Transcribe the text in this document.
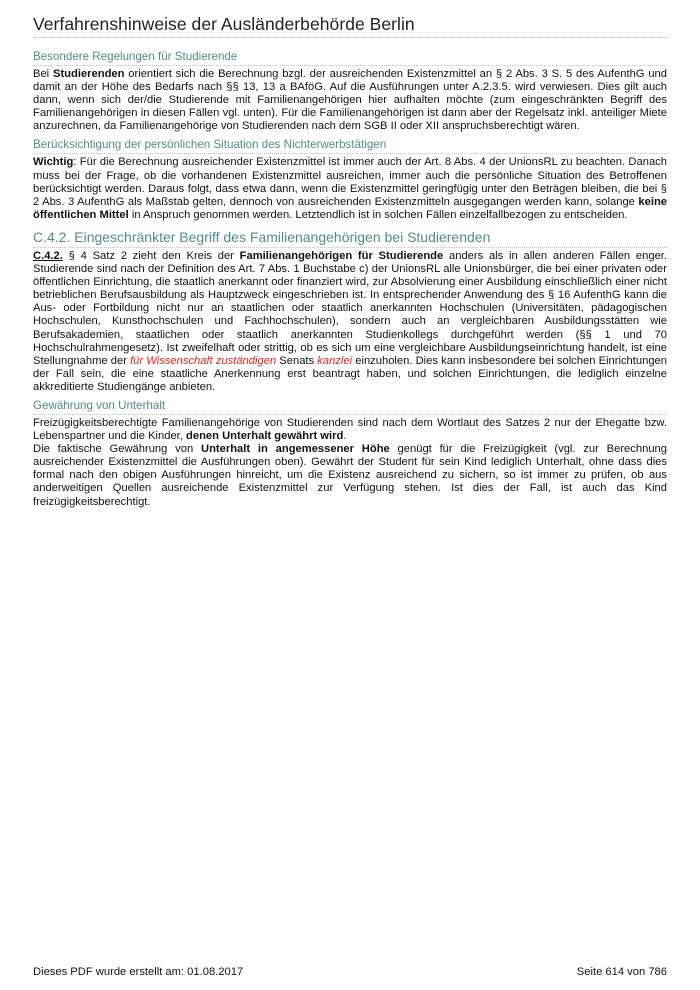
Verfahrenshinweise der Ausländerbehörde Berlin
Besondere Regelungen für Studierende

Bei Studierenden orientiert sich die Berechnung bzgl. der ausreichenden Existenzmittel an § 2 Abs. 3 S. 5 des AufenthG und damit an der Höhe des Bedarfs nach §§ 13, 13 a BAföG. Auf die Ausführungen unter A.2.3.5. wird verwiesen. Dies gilt auch dann, wenn sich der/die Studierende mit Familienangehörigen hier aufhalten möchte (zum eingeschränkten Begriff des Familienangehörigen in diesen Fällen vgl. unten). Für die Familienangehörigen ist dann aber der Regelsatz inkl. anteiliger Miete anzurechnen, da Familienangehörige von Studierenden nach dem SGB II oder XII anspruchsberechtigt wären.

Berücksichtigung der persönlichen Situation des Nichterwerbstätigen

Wichtig: Für die Berechnung ausreichender Existenzmittel ist immer auch der Art. 8 Abs. 4 der UnionsRL zu beachten. Danach muss bei der Frage, ob die vorhandenen Existenzmittel ausreichen, immer auch die persönliche Situation des Betroffenen berücksichtigt werden. Daraus folgt, dass etwa dann, wenn die Existenzmittel geringfügig unter den Beträgen bleiben, die bei § 2 Abs. 3 AufenthG als Maßstab gelten, dennoch von ausreichenden Existenzmitteln ausgegangen werden kann, solange keine öffentlichen Mittel in Anspruch genommen werden. Letztendlich ist in solchen Fällen einzelfallbezogen zu entscheiden.

C.4.2. Eingeschränkter Begriff des Familienangehörigen bei Studierenden

C.4.2. § 4 Satz 2 zieht den Kreis der Familienangehörigen für Studierende anders als in allen anderen Fällen enger. Studierende sind nach der Definition des Art. 7 Abs. 1 Buchstabe c) der UnionsRL alle Unionsbürger, die bei einer privaten oder öffentlichen Einrichtung, die staatlich anerkannt oder finanziert wird, zur Absolvierung einer Ausbildung einschließlich einer nicht betrieblichen Berufsausbildung als Hauptzweck eingeschrieben ist. In entsprechender Anwendung des § 16 AufenthG kann die Aus- oder Fortbildung nicht nur an staatlichen oder staatlich anerkannten Hochschulen (Universitäten, pädagogischen Hochschulen, Kunsthochschulen und Fachhochschulen), sondern auch an vergleichbaren Ausbildungsstätten wie Berufsakademien, staatlichen oder staatlich anerkannten Studienkollegs durchgeführt werden (§§ 1 und 70 Hochschulrahmengesetz). Ist zweifelhaft oder strittig, ob es sich um eine vergleichbare Ausbildungseinrichtung handelt, ist eine Stellungnahme der für Wissenschaft zuständigen Senats kanzlei einzuholen. Dies kann insbesondere bei solchen Einrichtungen der Fall sein, die eine staatliche Anerkennung erst beantragt haben, und solchen Einrichtungen, die lediglich einzelne akkreditierte Studiengänge anbieten.

Gewährung von Unterhalt

Freizügigkeitsberechtigte Familienangehörige von Studierenden sind nach dem Wortlaut des Satzes 2 nur der Ehegatte bzw. Lebenspartner und die Kinder, denen Unterhalt gewährt wird.

Die faktische Gewährung von Unterhalt in angemessener Höhe genügt für die Freizügigkeit (vgl. zur Berechnung ausreichender Existenzmittel die Ausführungen oben). Gewährt der Student für sein Kind lediglich Unterhalt, ohne dass dies formal nach den obigen Ausführungen hinreicht, um die Existenz ausreichend zu sichern, so ist immer zu prüfen, ob aus anderweitigen Quellen ausreichende Existenzmittel zur Verfügung stehen. Ist dies der Fall, ist auch das Kind freizügigkeitsberechtigt.

Dieses PDF wurde erstellt am: 01.08.2017	Seite 614 von 786
